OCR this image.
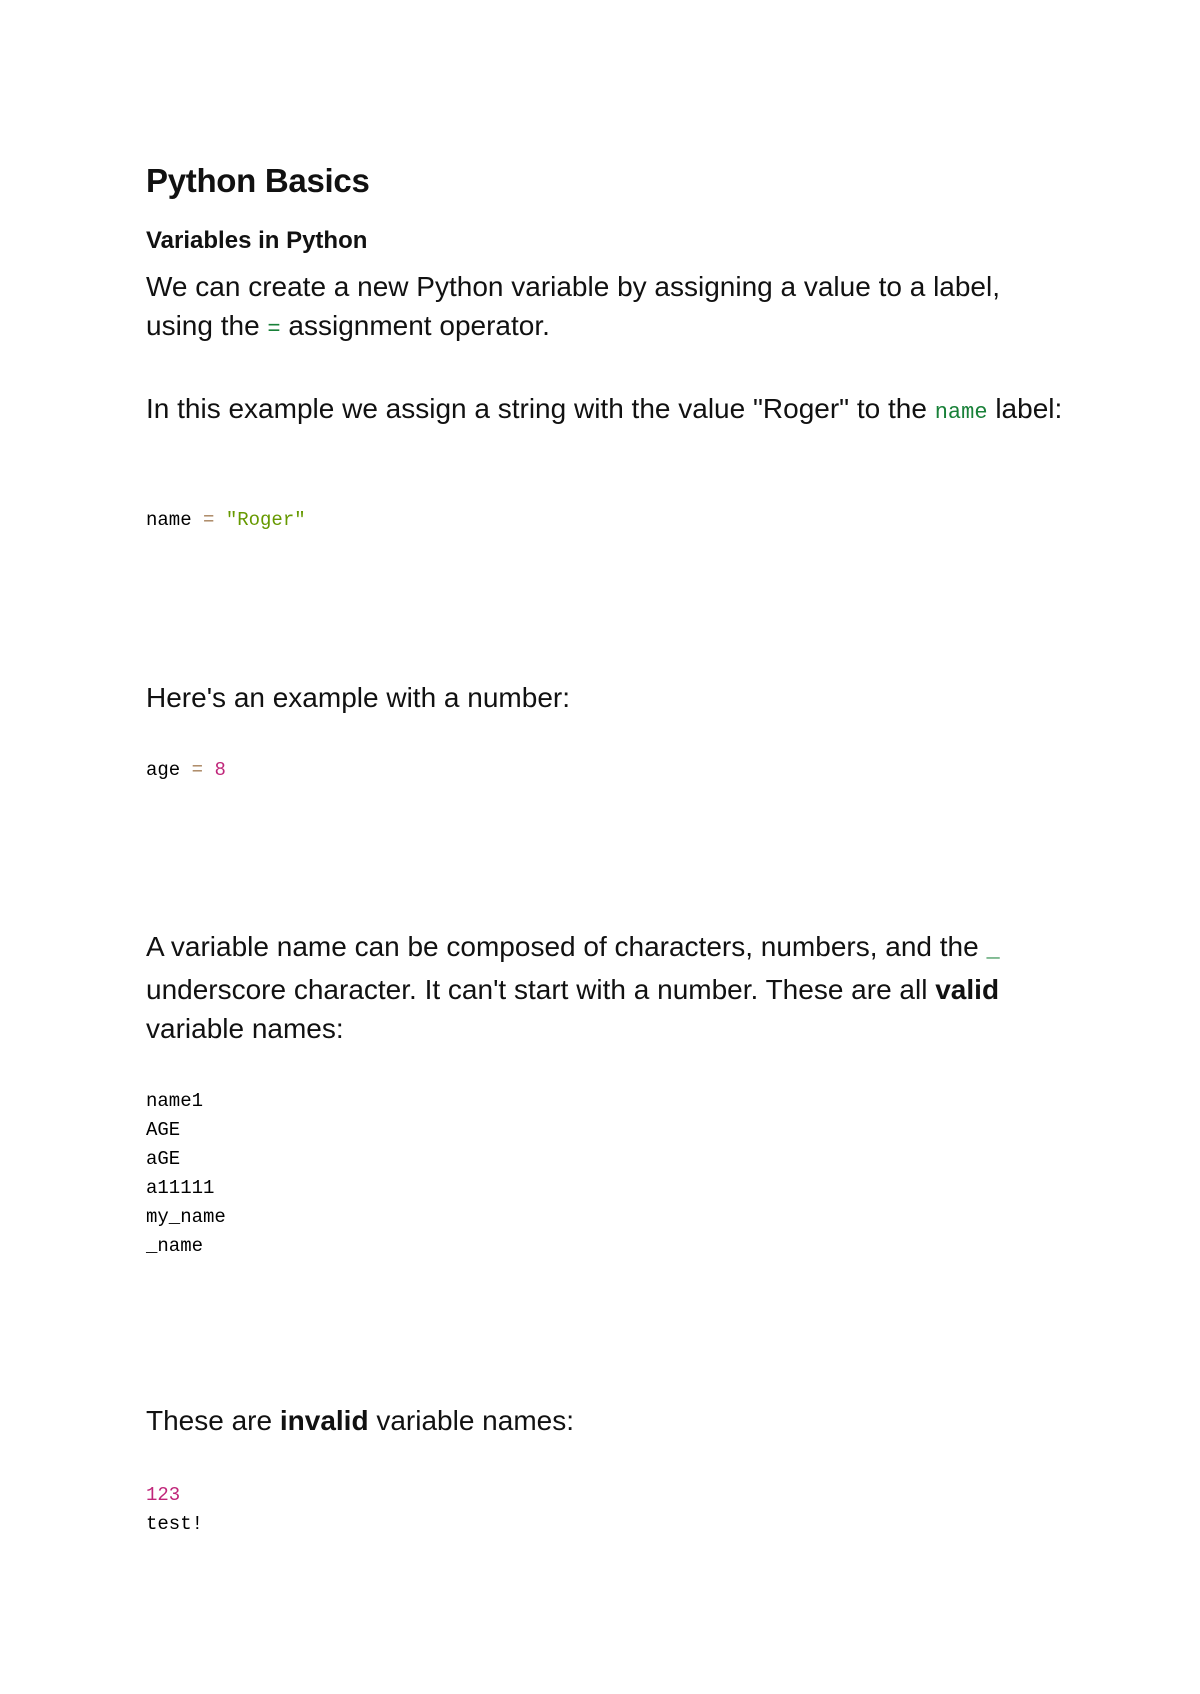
Python Basics
Variables in Python

We can create a new Python variable by assigning a value to a label, using the = assignment operator.

In this example we assign a string with the value "Roger" to the name label:

name = "Roger"

Here's an example with a number:

age = 8

A variable name can be composed of characters, numbers, and the _ underscore character. It can't start with a number. These are all valid variable names:

name1
AGE
aGE
a11111
my_name
_name

These are invalid variable names:

123
test!
